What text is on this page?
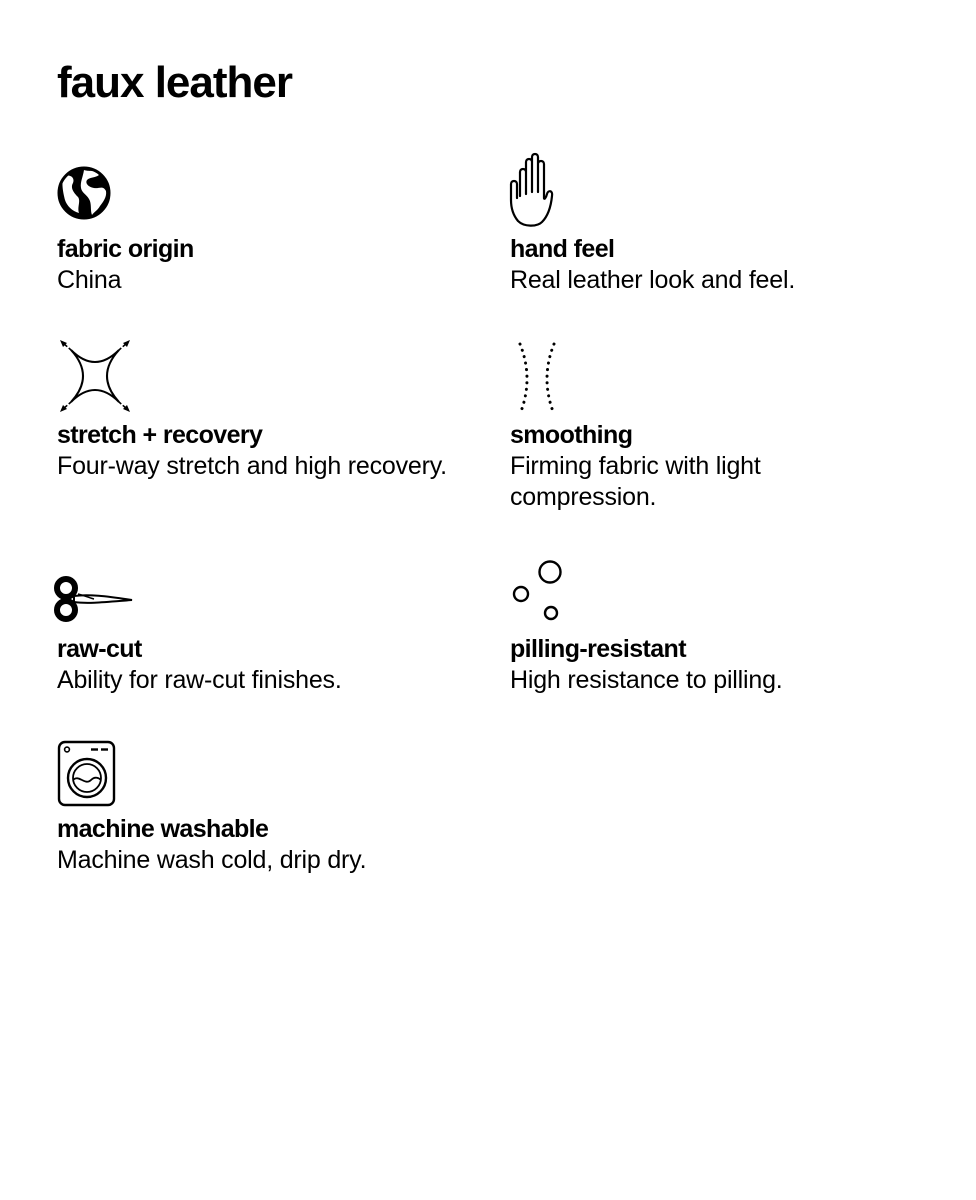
faux leather
fabric origin
China
hand feel
Real leather look and feel.
stretch + recovery
Four-way stretch and high recovery.
smoothing
Firming fabric with light compression.
raw-cut
Ability for raw-cut finishes.
pilling-resistant
High resistance to pilling.
machine washable
Machine wash cold, drip dry.
